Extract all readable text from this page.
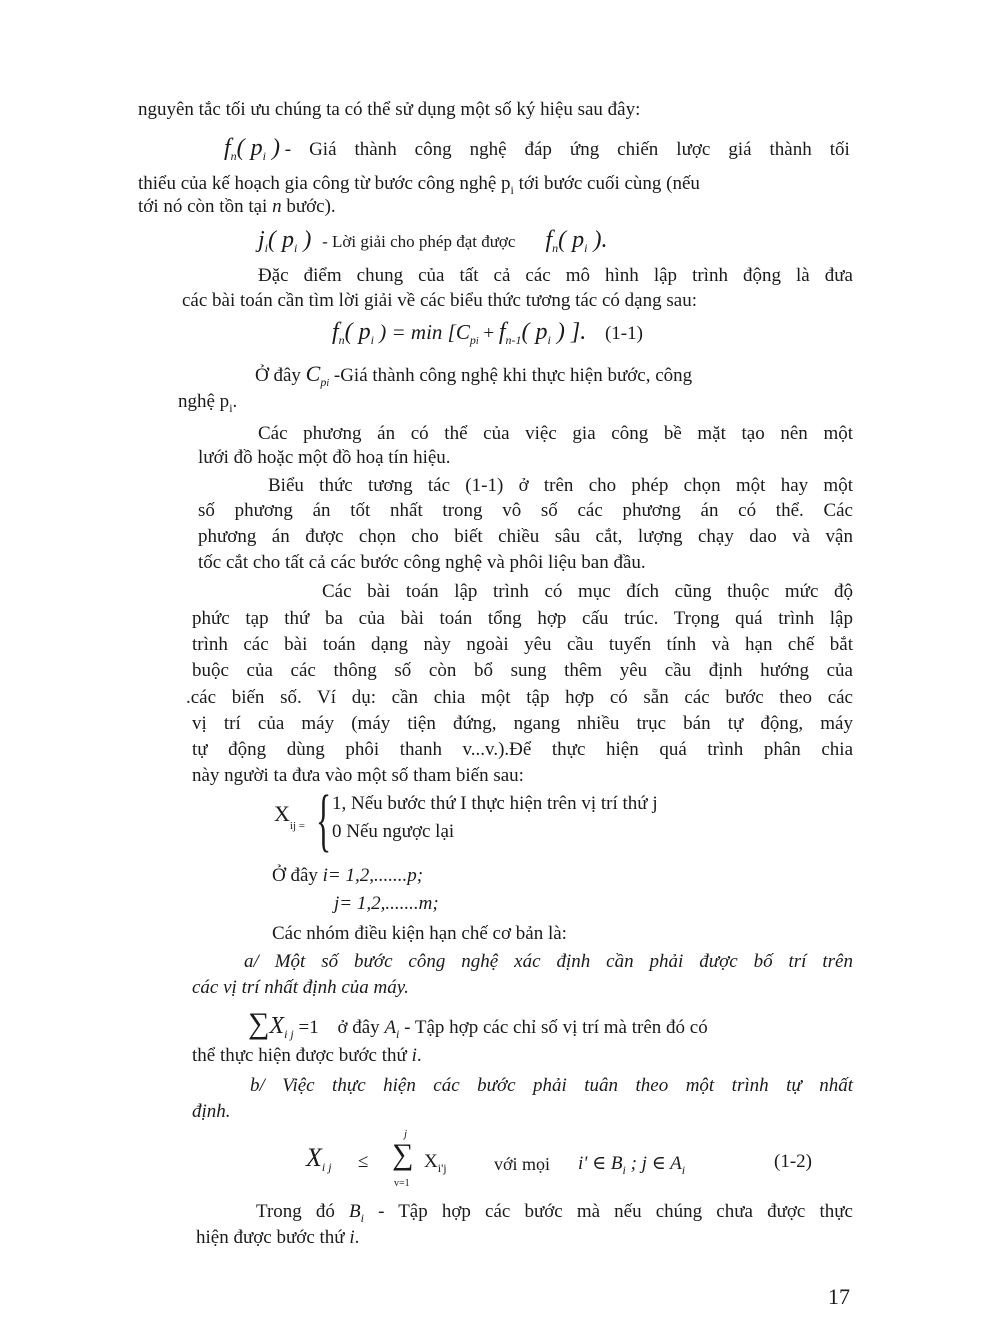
nguyên tắc tối ưu chúng ta có thể sử dụng một số ký hiệu sau đây:

$f_n$( $p_i$ ) - Giá thành công nghệ đáp ứng chiến lược giá thành tối

thiểu của kế hoạch gia công từ bước công nghệ $p_i$ tới bước cuối cùng (nếu

tới nó còn tồn tại n bước).

$j_i$( $p_i$ ) - Lời giải cho phép đạt được $f_n$( $p_i$ ).

Đặc điểm chung của tất cả các mô hình lập trình động là đưa

các bài toán cần tìm lời giải về các biểu thức tương tác có dạng sau:

$f_n$( $p_i$ ) = $\min [C_{pi} + f_{n-1}$( $p_i$ ) ]. (1-1)

Ở đây $C_{pi}$ -Giá thành công nghệ khi thực hiện bước, công

nghệ $p_i$.

Các phương án có thể của việc gia công bề mặt tạo nên một

lưới đồ hoặc một đồ hoạ tín hiệu.

Biểu thức tương tác (1-1) ở trên cho phép chọn một hay một

số phương án tốt nhất trong vô số các phương án có thể. Các

phương án được chọn cho biết chiều sâu cắt, lượng chạy dao và vận

tốc cắt cho tất cả các bước công nghệ và phôi liệu ban đầu.

Các bài toán lập trình có mục đích cũng thuộc mức độ

phức tạp thứ ba của bài toán tổng hợp cấu trúc. Trọng quá trình lập

trình các bài toán dạng này ngoài yêu cầu tuyến tính và hạn chế bắt

buộc của các thông số còn bổ sung thêm yêu cầu định hướng của

.các biến số. Ví dụ: cần chia một tập hợp có sẵn các bước theo các

vị trí của máy (máy tiện đứng, ngang nhiều trục bán tự động, máy

tự động dùng phôi thanh v...v.).Để thực hiện quá trình phân chia

này người ta đưa vào một số tham biến sau:

$X_{ij =}$ { 1, Nếu bước thứ I thực hiện trên vị trí thứ j

0 Nếu ngược lại

Ở đây i= 1,2,.......p;

j= 1,2,.......m;

Các nhóm điều kiện hạn chế cơ bản là:

a/ Một số bước công nghệ xác định cần phải được bố trí trên

các vị trí nhất định của máy.

$\sum X_{i j} =1$ ở đây $A_i$ - Tập hợp các chỉ số vị trí mà trên đó có

thể thực hiện được bước thứ i.

b/ Việc thực hiện các bước phải tuân theo một trình tự nhất

định.

$X_{i j}$ ≤

j

∑

v=1

$X_{i'j}$	với mọi i' ∈ $B_i$ ; j ∈ $A_i$	(1-2)

Trong đó $B_i$ - Tập hợp các bước mà nếu chúng chưa được thực

hiện được bước thứ i.

17
